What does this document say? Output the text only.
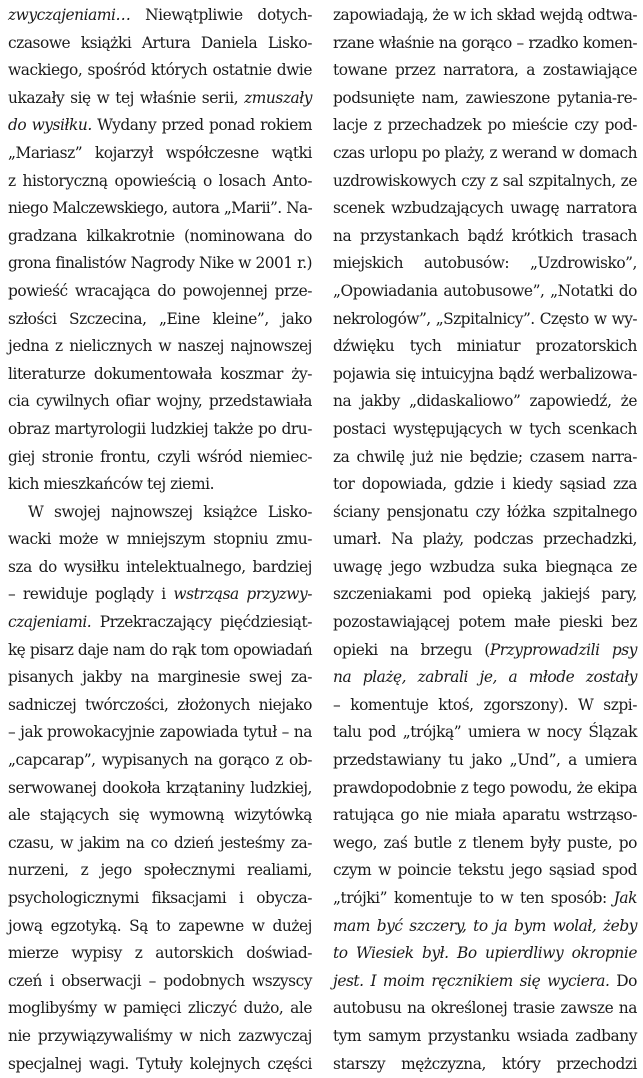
zwyczajeniami… Niewątpliwie dotych-
czasowe książki Artura Daniela Lisko-
wackiego, spośród których ostatnie dwie
ukazały się w tej właśnie serii, zmuszały
do wysiłku. Wydany przed ponad rokiem
„Mariasz” kojarzył współczesne wątki
z historyczną opowieścią o losach Anto-
niego Malczewskiego, autora „Marii”. Na-
gradzana kilkakrotnie (nominowana do
grona finalistów Nagrody Nike w 2001 r.)
powieść wracająca do powojennej prze-
szłości Szczecina, „Eine kleine”, jako
jedna z nielicznych w naszej najnowszej
literaturze dokumentowała koszmar ży-
cia cywilnych ofiar wojny, przedstawiała
obraz martyrologii ludzkiej także po dru-
giej stronie frontu, czyli wśród niemiec-
kich mieszkańców tej ziemi.
W swojej najnowszej książce Lisko-
wacki może w mniejszym stopniu zmu-
sza do wysiłku intelektualnego, bardziej
– rewiduje poglądy i wstrząsa przyzwy-
czajeniami. Przekraczający pięćdziesiąt-
kę pisarz daje nam do rąk tom opowiadań
pisanych jakby na marginesie swej za-
sadniczej twórczości, złożonych niejako
– jak prowokacyjnie zapowiada tytuł – na
„capcarap”, wypisanych na gorąco z ob-
serwowanej dookoła krzątaniny ludzkiej,
ale stających się wymowną wizytówką
czasu, w jakim na co dzień jesteśmy za-
nurzeni, z jego społecznymi realiami,
psychologicznymi fiksacjami i obycza-
jową egzotyką. Są to zapewne w dużej
mierze wypisy z autorskich doświad-
czeń i obserwacji – podobnych wszyscy
moglibyśmy w pamięci zliczyć dużo, ale
nie przywiązywaliśmy w nich zazwyczaj
specjalnej wagi. Tytuły kolejnych części
zapowiadają, że w ich skład wejdą odtwa-
rzane właśnie na gorąco – rzadko komen-
towane przez narratora, a zostawiające
podsunięte nam, zawieszone pytania-re-
lacje z przechadzek po mieście czy pod-
czas urlopu po plaży, z werand w domach
uzdrowiskowych czy z sal szpitalnych, ze
scenek wzbudzających uwagę narratora
na przystankach bądź krótkich trasach
miejskich autobusów: „Uzdrowisko”,
„Opowiadania autobusowe”, „Notatki do
nekrologów”, „Szpitalnicy”. Często w wy-
dźwięku tych miniatur prozatorskich
pojawia się intuicyjna bądź werbalizowa-
na jakby „didaskaliowo” zapowiedź, że
postaci występujących w tych scenkach
za chwilę już nie będzie; czasem narra-
tor dopowiada, gdzie i kiedy sąsiad zza
ściany pensjonatu czy łóżka szpitalnego
umarł. Na plaży, podczas przechadzki,
uwagę jego wzbudza suka biegnąca ze
szczeniakami pod opieką jakiejś pary,
pozostawiającej potem małe pieski bez
opieki na brzegu (Przyprowadzili psy
na plażę, zabrali je, a młode zostały
– komentuje ktoś, zgorszony). W szpi-
talu pod „trójką” umiera w nocy Ślązak
przedstawiany tu jako „Und”, a umiera
prawdopodobnie z tego powodu, że ekipa
ratująca go nie miała aparatu wstrząso-
wego, zaś butle z tlenem były puste, po
czym w poincie tekstu jego sąsiad spod
„trójki” komentuje to w ten sposób: Jak
mam być szczery, to ja bym wolał, żeby
to Wiesiek był. Bo upierdliwy okropnie
jest. I moim ręcznikiem się wyciera. Do
autobusu na określonej trasie zawsze na
tym samym przystanku wsiada zadbany
starszy mężczyzna, który przechodzi
